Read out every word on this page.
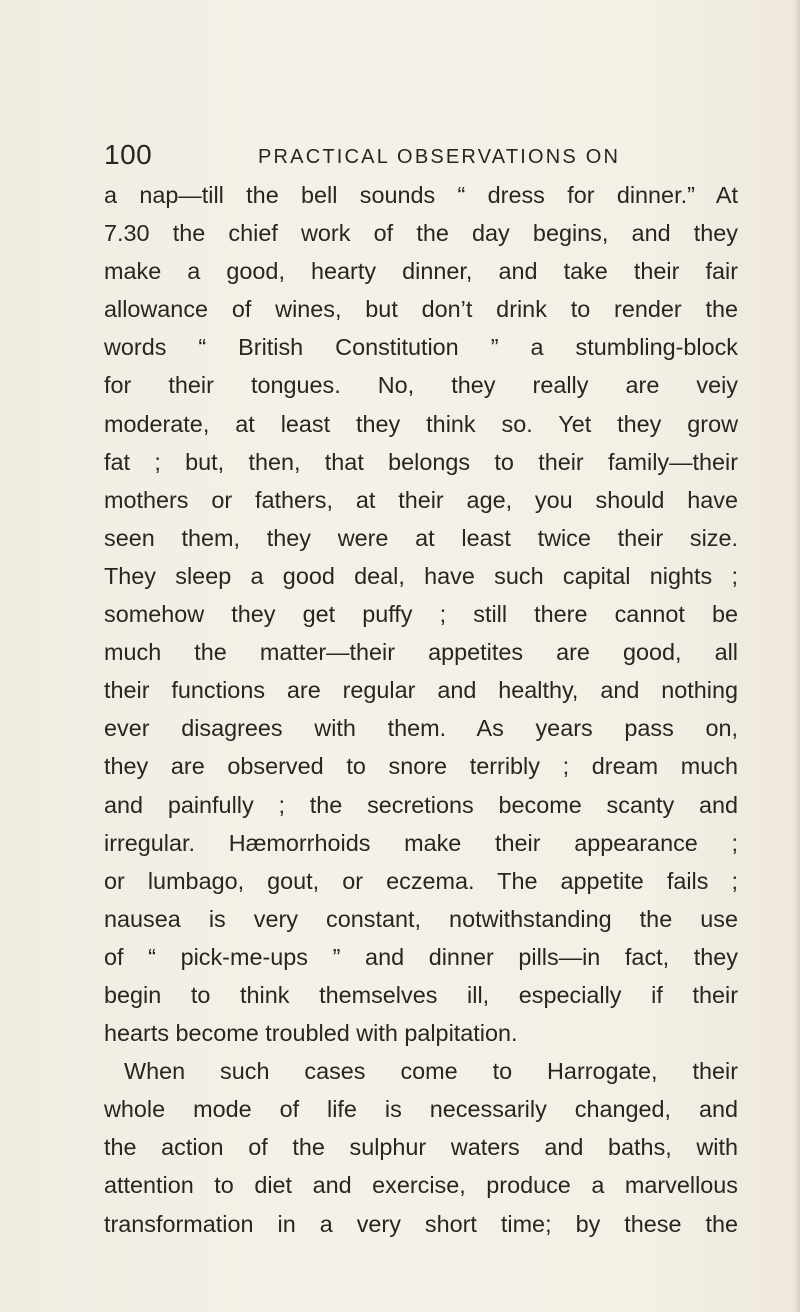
100	PRACTICAL OBSERVATIONS ON
a nap—till the bell sounds “ dress for dinner.” At
7.30 the chief work of the day begins, and they
make a good, hearty dinner, and take their fair
allowance of wines, but don’t drink to render the
words “ British Constitution ” a stumbling-block
for their tongues. No, they really are veiy
moderate, at least they think so. Yet they grow
fat ; but, then, that belongs to their family—their
mothers or fathers, at their age, you should have
seen them, they were at least twice their size.
They sleep a good deal, have such capital nights ;
somehow they get puffy ; still there cannot be
much the matter—their appetites are good, all
their functions are regular and healthy, and nothing
ever disagrees with them. As years pass on,
they are observed to snore terribly ; dream much
and painfully ; the secretions become scanty and
irregular. Hæmorrhoids make their appearance ;
or lumbago, gout, or eczema. The appetite fails ;
nausea is very constant, notwithstanding the use
of “ pick-me-ups ” and dinner pills—in fact, they
begin to think themselves ill, especially if their
hearts become troubled with palpitation.
When such cases come to Harrogate, their
whole mode of life is necessarily changed, and
the action of the sulphur waters and baths, with
attention to diet and exercise, produce a marvellous
transformation in a very short time; by these the
